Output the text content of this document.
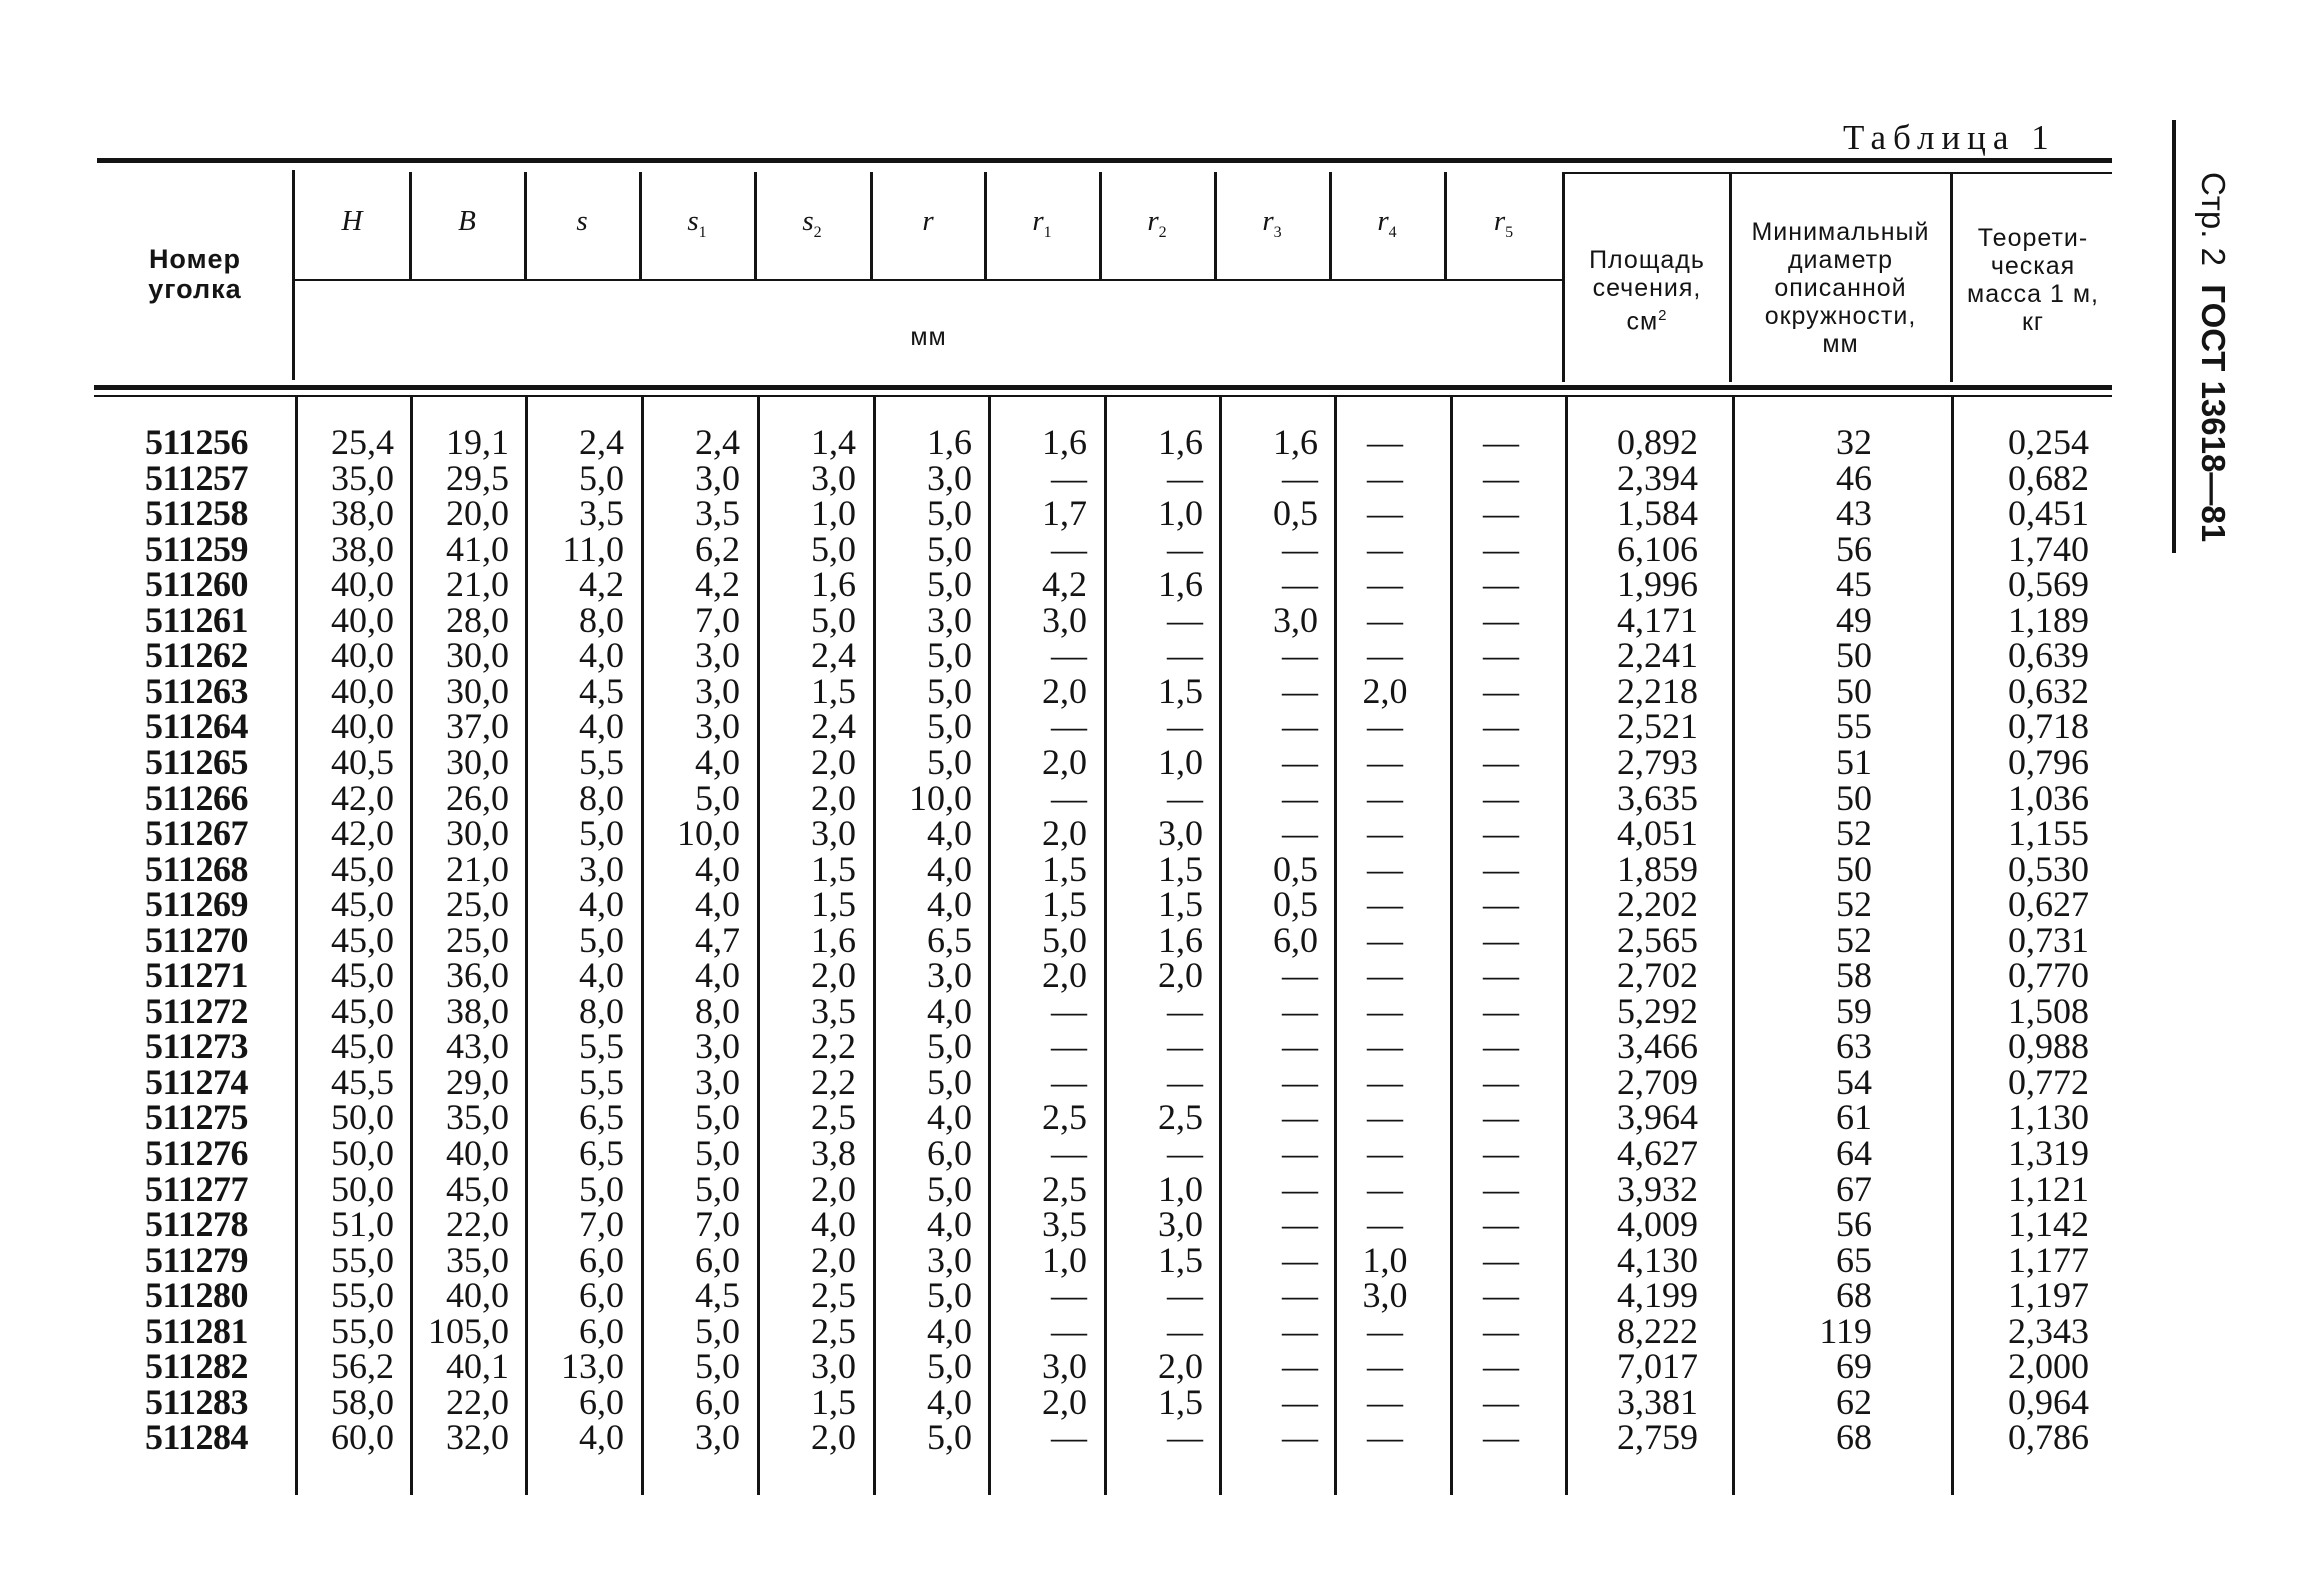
Таблица 1
Стр. 2  ГОСТ 13618—81
Номер
уголка
H	B	s	$s_1$	$s_2$	r	$r_1$	$r_2$	$r_3$	$r_4$	$r_5$
мм
Площадь
сечения,
$см^2$
Минимальный
диаметр
описанной
окружности,
мм
Теорети-
ческая
масса 1 м,
кг
511256	25,4	19,1	2,4	2,4	1,4	1,6	1,6	1,6	1,6	—	—	0,892	32	0,254
511257	35,0	29,5	5,0	3,0	3,0	3,0	—	—	—	—	—	2,394	46	0,682
511258	38,0	20,0	3,5	3,5	1,0	5,0	1,7	1,0	0,5	—	—	1,584	43	0,451
511259	38,0	41,0	11,0	6,2	5,0	5,0	—	—	—	—	—	6,106	56	1,740
511260	40,0	21,0	4,2	4,2	1,6	5,0	4,2	1,6	—	—	—	1,996	45	0,569
511261	40,0	28,0	8,0	7,0	5,0	3,0	3,0	—	3,0	—	—	4,171	49	1,189
511262	40,0	30,0	4,0	3,0	2,4	5,0	—	—	—	—	—	2,241	50	0,639
511263	40,0	30,0	4,5	3,0	1,5	5,0	2,0	1,5	—	2,0	—	2,218	50	0,632
511264	40,0	37,0	4,0	3,0	2,4	5,0	—	—	—	—	—	2,521	55	0,718
511265	40,5	30,0	5,5	4,0	2,0	5,0	2,0	1,0	—	—	—	2,793	51	0,796
511266	42,0	26,0	8,0	5,0	2,0	10,0	—	—	—	—	—	3,635	50	1,036
511267	42,0	30,0	5,0	10,0	3,0	4,0	2,0	3,0	—	—	—	4,051	52	1,155
511268	45,0	21,0	3,0	4,0	1,5	4,0	1,5	1,5	0,5	—	—	1,859	50	0,530
511269	45,0	25,0	4,0	4,0	1,5	4,0	1,5	1,5	0,5	—	—	2,202	52	0,627
511270	45,0	25,0	5,0	4,7	1,6	6,5	5,0	1,6	6,0	—	—	2,565	52	0,731
511271	45,0	36,0	4,0	4,0	2,0	3,0	2,0	2,0	—	—	—	2,702	58	0,770
511272	45,0	38,0	8,0	8,0	3,5	4,0	—	—	—	—	—	5,292	59	1,508
511273	45,0	43,0	5,5	3,0	2,2	5,0	—	—	—	—	—	3,466	63	0,988
511274	45,5	29,0	5,5	3,0	2,2	5,0	—	—	—	—	—	2,709	54	0,772
511275	50,0	35,0	6,5	5,0	2,5	4,0	2,5	2,5	—	—	—	3,964	61	1,130
511276	50,0	40,0	6,5	5,0	3,8	6,0	—	—	—	—	—	4,627	64	1,319
511277	50,0	45,0	5,0	5,0	2,0	5,0	2,5	1,0	—	—	—	3,932	67	1,121
511278	51,0	22,0	7,0	7,0	4,0	4,0	3,5	3,0	—	—	—	4,009	56	1,142
511279	55,0	35,0	6,0	6,0	2,0	3,0	1,0	1,5	—	1,0	—	4,130	65	1,177
511280	55,0	40,0	6,0	4,5	2,5	5,0	—	—	—	3,0	—	4,199	68	1,197
511281	55,0 105,0	6,0	5,0	2,5	4,0	—	—	—	—	—	8,222	119	2,343
511282	56,2	40,1	13,0	5,0	3,0	5,0	3,0	2,0	—	—	—	7,017	69	2,000
511283	58,0	22,0	6,0	6,0	1,5	4,0	2,0	1,5	—	—	—	3,381	62	0,964
511284	60,0	32,0	4,0	3,0	2,0	5,0	—	—	—	—	—	2,759	68	0,786
